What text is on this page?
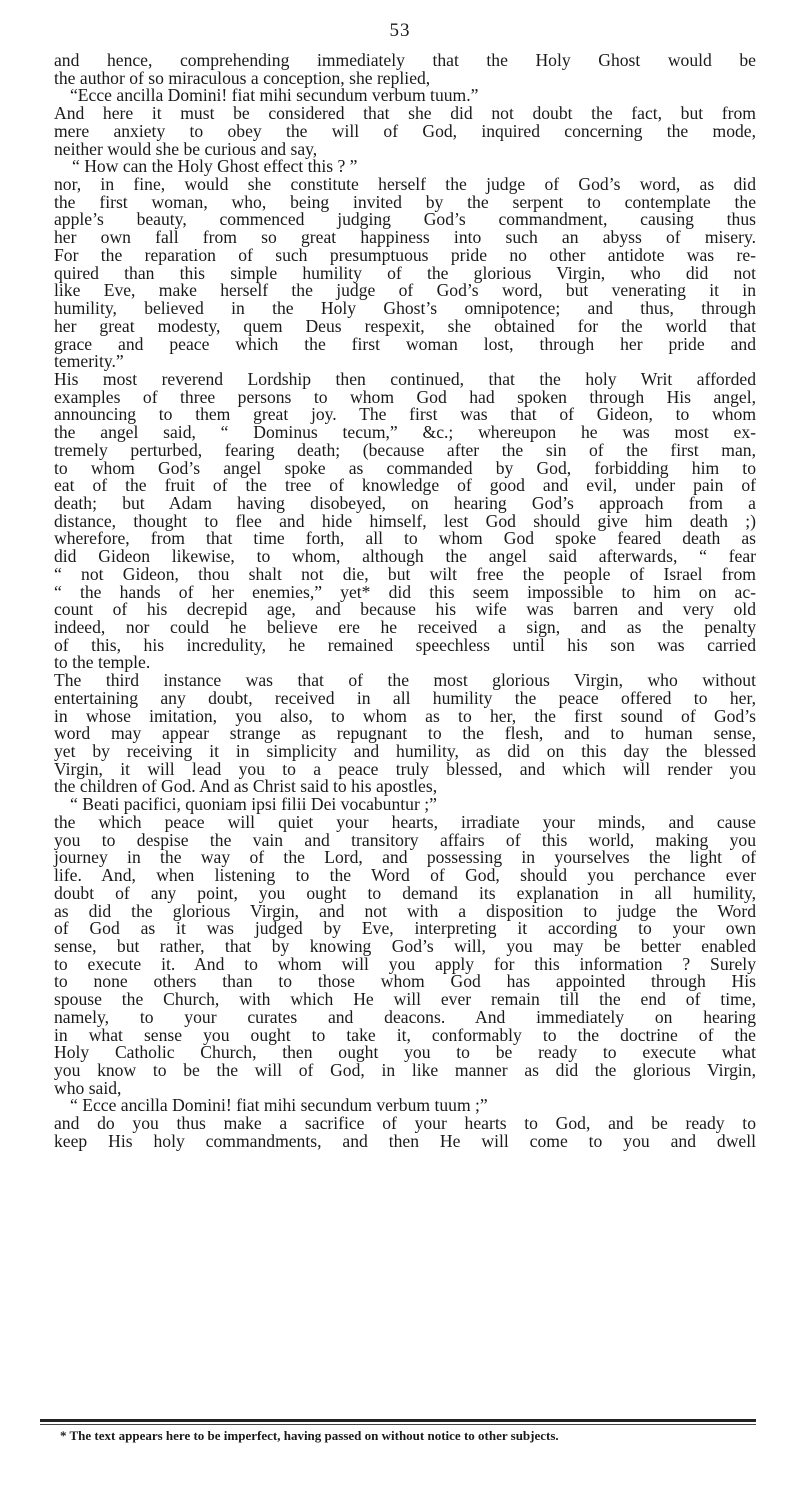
53
and hence, comprehending immediately that the Holy Ghost would be
the author of so miraculous a conception, she replied,
“Ecce ancilla Domini! fiat mihi secundum verbum tuum.”
And here it must be considered that she did not doubt the fact, but from
mere anxiety to obey the will of God, inquired concerning the mode,
neither would she be curious and say,
“ How can the Holy Ghost effect this ? ”
nor, in fine, would she constitute herself the judge of God’s word, as did
the first woman, who, being invited by the serpent to contemplate the
apple’s beauty, commenced judging God’s commandment, causing thus
her own fall from so great happiness into such an abyss of misery.
For the reparation of such presumptuous pride no other antidote was re-
quired than this simple humility of the glorious Virgin, who did not
like Eve, make herself the judge of God’s word, but venerating it in
humility, believed in the Holy Ghost’s omnipotence; and thus, through
her great modesty, quem Deus respexit, she obtained for the world that
grace and peace which the first woman lost, through her pride and
temerity.”
His most reverend Lordship then continued, that the holy Writ afforded
examples of three persons to whom God had spoken through His angel,
announcing to them great joy. The first was that of Gideon, to whom
the angel said, “ Dominus tecum,” &c.; whereupon he was most ex-
tremely perturbed, fearing death; (because after the sin of the first man,
to whom God’s angel spoke as commanded by God, forbidding him to
eat of the fruit of the tree of knowledge of good and evil, under pain of
death; but Adam having disobeyed, on hearing God’s approach from a
distance, thought to flee and hide himself, lest God should give him death ;)
wherefore, from that time forth, all to whom God spoke feared death as
did Gideon likewise, to whom, although the angel said afterwards, “ fear
“ not Gideon, thou shalt not die, but wilt free the people of Israel from
“ the hands of her enemies,” yet* did this seem impossible to him on ac-
count of his decrepid age, and because his wife was barren and very old
indeed, nor could he believe ere he received a sign, and as the penalty
of this, his incredulity, he remained speechless until his son was carried
to the temple.
The third instance was that of the most glorious Virgin, who without
entertaining any doubt, received in all humility the peace offered to her,
in whose imitation, you also, to whom as to her, the first sound of God’s
word may appear strange as repugnant to the flesh, and to human sense,
yet by receiving it in simplicity and humility, as did on this day the blessed
Virgin, it will lead you to a peace truly blessed, and which will render you
the children of God. And as Christ said to his apostles,
“ Beati pacifici, quoniam ipsi filii Dei vocabuntur ;”
the which peace will quiet your hearts, irradiate your minds, and cause
you to despise the vain and transitory affairs of this world, making you
journey in the way of the Lord, and possessing in yourselves the light of
life. And, when listening to the Word of God, should you perchance ever
doubt of any point, you ought to demand its explanation in all humility,
as did the glorious Virgin, and not with a disposition to judge the Word
of God as it was judged by Eve, interpreting it according to your own
sense, but rather, that by knowing God’s will, you may be better enabled
to execute it. And to whom will you apply for this information ? Surely
to none others than to those whom God has appointed through His
spouse the Church, with which He will ever remain till the end of time,
namely, to your curates and deacons. And immediately on hearing
in what sense you ought to take it, conformably to the doctrine of the
Holy Catholic Church, then ought you to be ready to execute what
you know to be the will of God, in like manner as did the glorious Virgin,
who said,
“ Ecce ancilla Domini! fiat mihi secundum verbum tuum ;”
and do you thus make a sacrifice of your hearts to God, and be ready to
keep His holy commandments, and then He will come to you and dwell
* The text appears here to be imperfect, having passed on without notice to other subjects.
